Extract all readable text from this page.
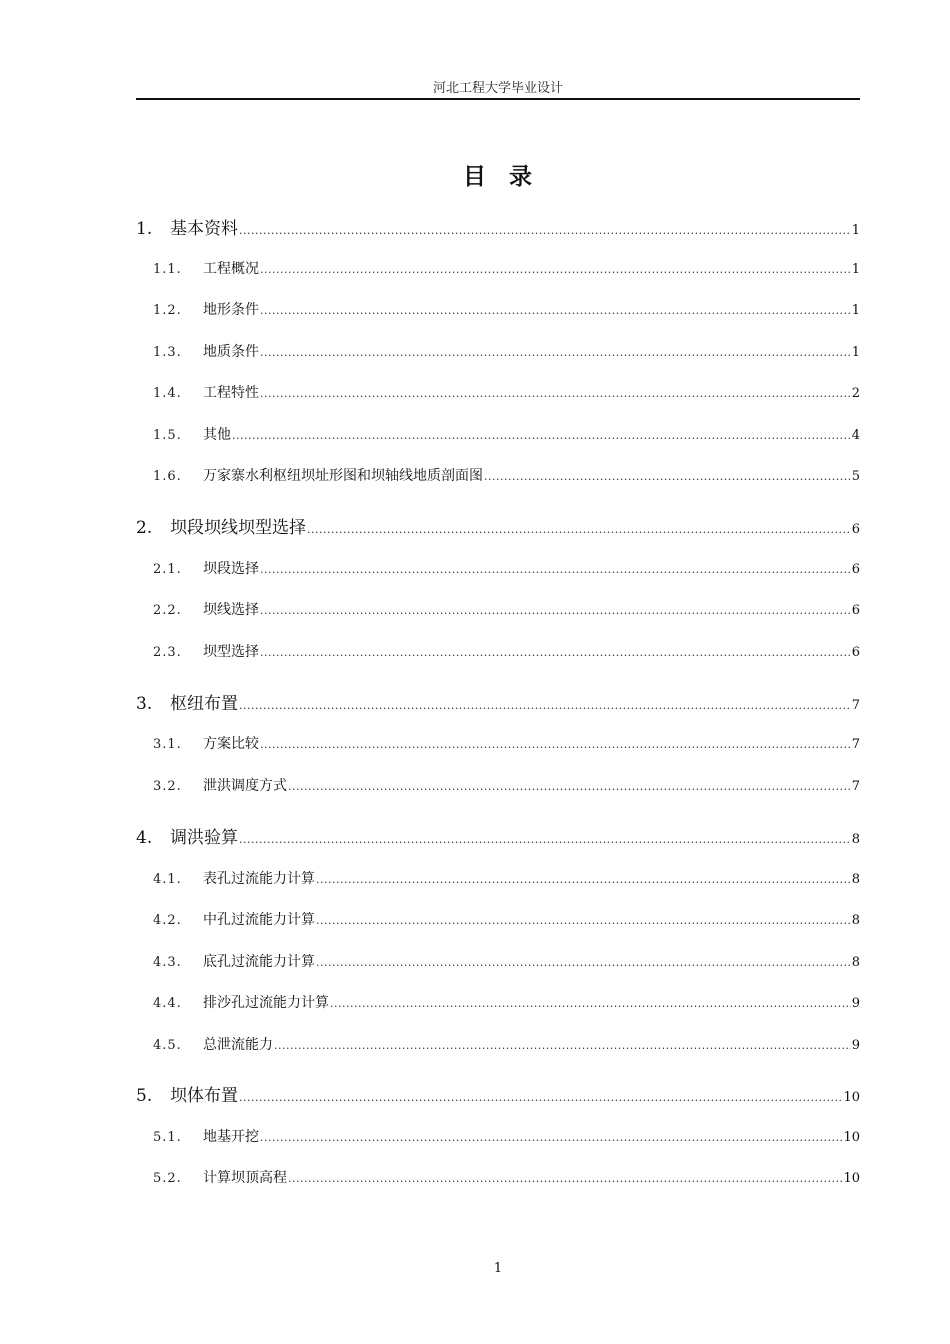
河北工程大学毕业设计
目 录
1.	基本资料 .....	1
1.1.	工程概况 .....	1
1.2.	地形条件 .....	1
1.3.	地质条件 .....	1
1.4.	工程特性 .....	2
1.5.	其他 .....	4
1.6.	万家寨水利枢纽坝址形图和坝轴线地质剖面图 .....	5
2.	坝段坝线坝型选择 .....	6
2.1.	坝段选择 .....	6
2.2.	坝线选择 .....	6
2.3.	坝型选择 .....	6
3.	枢纽布置 .....	7
3.1.	方案比较 .....	7
3.2.	泄洪调度方式 .....	7
4.	调洪验算 .....	8
4.1.	表孔过流能力计算 .....	8
4.2.	中孔过流能力计算 .....	8
4.3.	底孔过流能力计算 .....	8
4.4.	排沙孔过流能力计算 .....	9
4.5.	总泄流能力 .....	9
5.	坝体布置 .....	10
5.1.	地基开挖 .....	10
5.2.	计算坝顶高程 .....	10
1
